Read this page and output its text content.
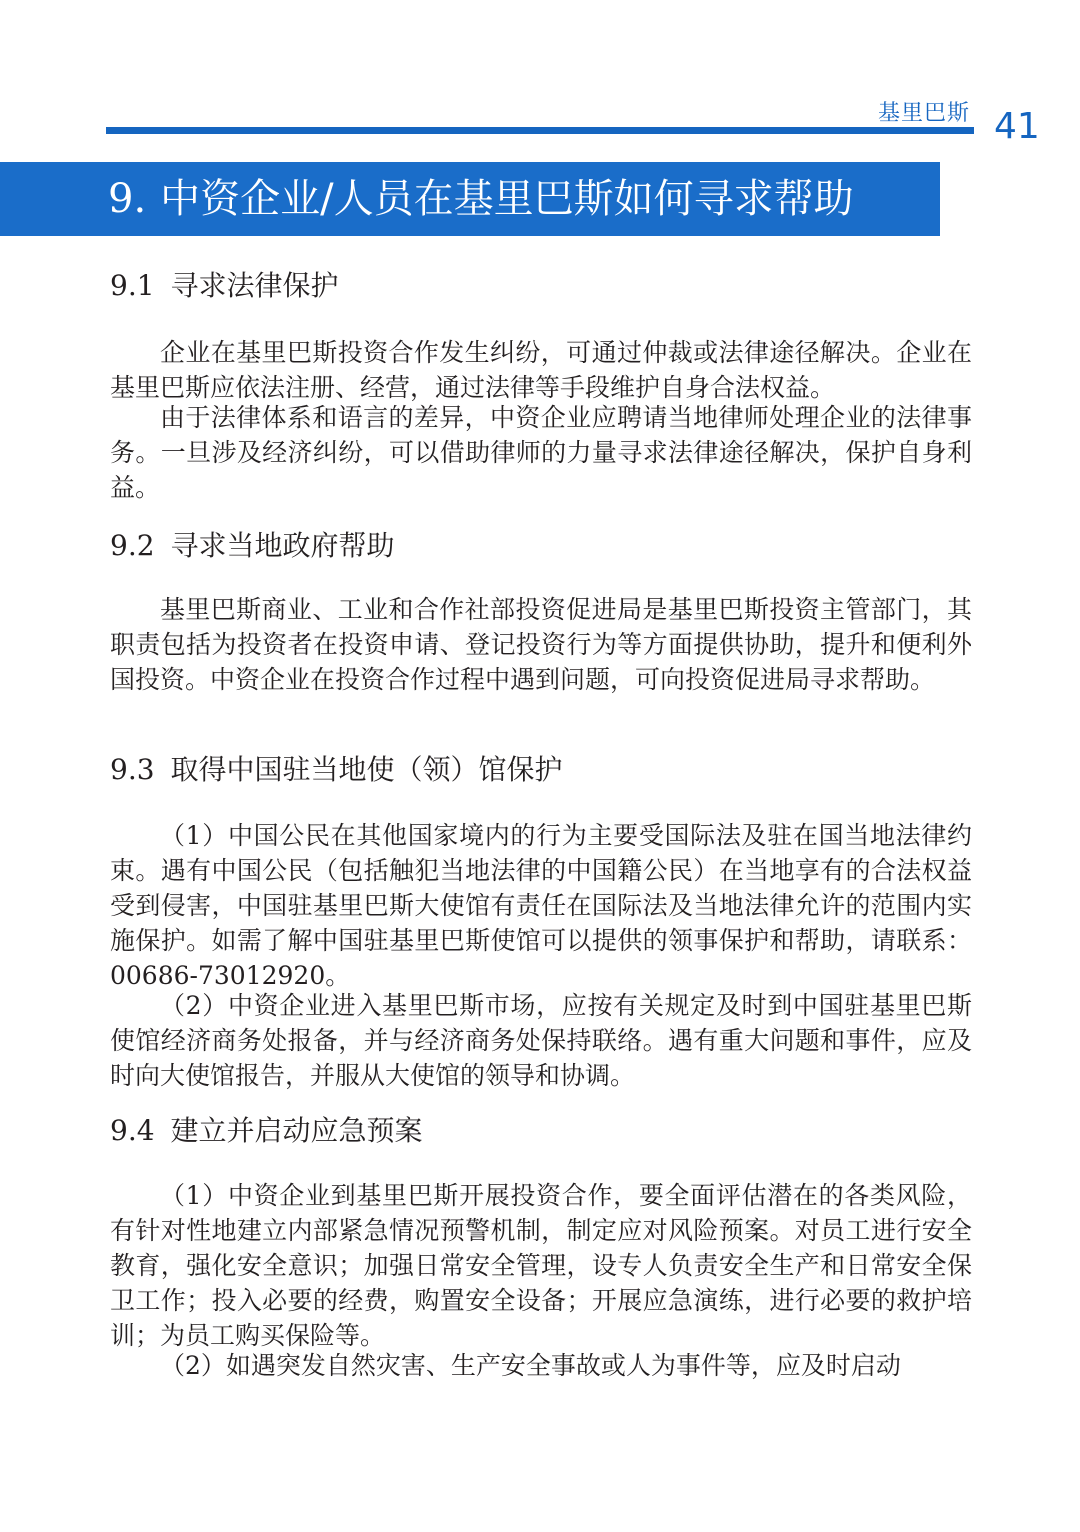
基里巴斯 41
9. 中资企业/人员在基里巴斯如何寻求帮助
9.1 寻求法律保护

企业在基里巴斯投资合作发生纠纷，可通过仲裁或法律途径解决。企业在基里巴斯应依法注册、经营，通过法律等手段维护自身合法权益。

由于法律体系和语言的差异，中资企业应聘请当地律师处理企业的法律事务。一旦涉及经济纠纷，可以借助律师的力量寻求法律途径解决，保护自身利益。

9.2 寻求当地政府帮助

基里巴斯商业、工业和合作社部投资促进局是基里巴斯投资主管部门，其职责包括为投资者在投资申请、登记投资行为等方面提供协助，提升和便利外国投资。中资企业在投资合作过程中遇到问题，可向投资促进局寻求帮助。

9.3 取得中国驻当地使（领）馆保护

（1）中国公民在其他国家境内的行为主要受国际法及驻在国当地法律约束。遇有中国公民（包括触犯当地法律的中国籍公民）在当地享有的合法权益受到侵害，中国驻基里巴斯大使馆有责任在国际法及当地法律允许的范围内实施保护。如需了解中国驻基里巴斯使馆可以提供的领事保护和帮助，请联系：00686-73012920。

（2）中资企业进入基里巴斯市场，应按有关规定及时到中国驻基里巴斯使馆经济商务处报备，并与经济商务处保持联络。遇有重大问题和事件，应及时向大使馆报告，并服从大使馆的领导和协调。

9.4 建立并启动应急预案

（1）中资企业到基里巴斯开展投资合作，要全面评估潜在的各类风险，有针对性地建立内部紧急情况预警机制，制定应对风险预案。对员工进行安全教育，强化安全意识；加强日常安全管理，设专人负责安全生产和日常安全保卫工作；投入必要的经费，购置安全设备；开展应急演练，进行必要的救护培训；为员工购买保险等。

（2）如遇突发自然灾害、生产安全事故或人为事件等，应及时启动
